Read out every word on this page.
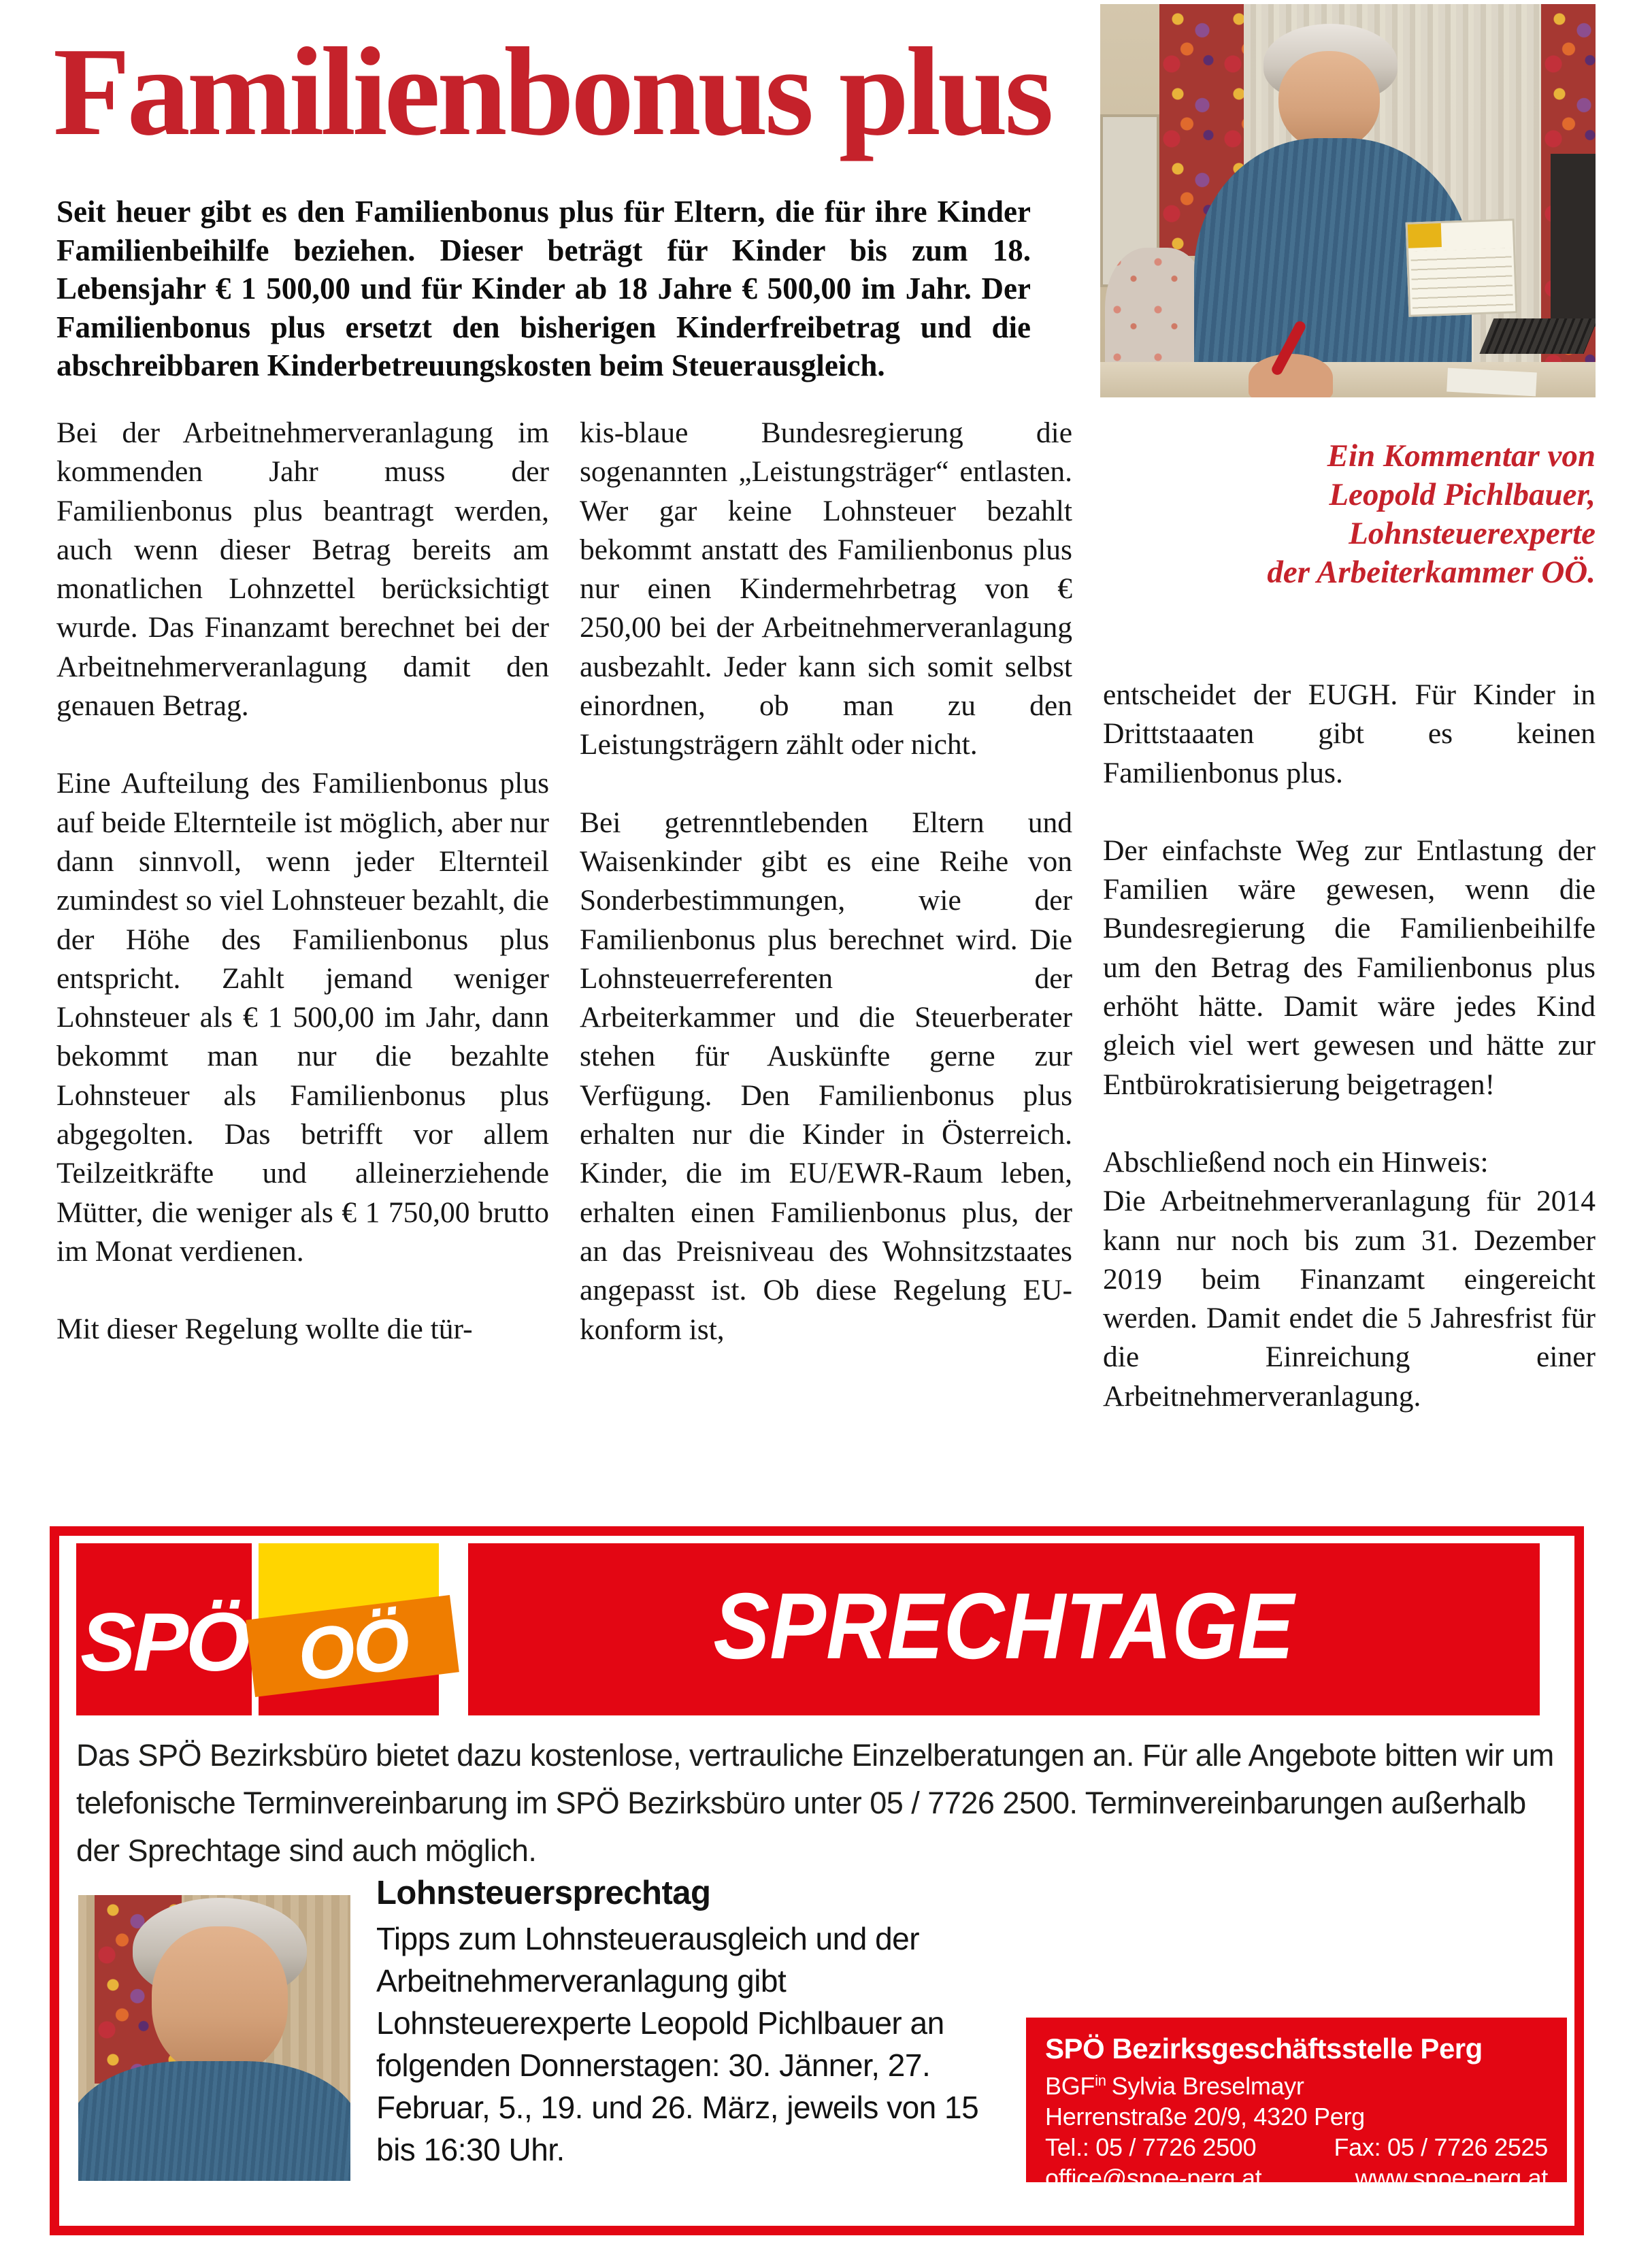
Familienbonus plus

Seit heuer gibt es den Familienbonus plus für Eltern, die für ihre Kinder Familienbeihilfe beziehen. Dieser beträgt für Kinder bis zum 18. Lebensjahr € 1 500,00 und für Kinder ab 18 Jahre € 500,00 im Jahr. Der Familienbonus plus ersetzt den bisherigen Kinderfreibetrag und die abschreibbaren Kinderbetreuungskosten beim Steuerausgleich.

Ein Kommentar von
Leopold Pichlbauer,
Lohnsteuerexperte
der Arbeiterkammer OÖ.

Bei der Arbeitnehmerveranlagung im kommenden Jahr muss der Familienbonus plus beantragt werden, auch wenn dieser Betrag bereits am monatlichen Lohnzettel berücksichtigt wurde. Das Finanzamt berechnet bei der Arbeitnehmerveranlagung damit den genauen Betrag.

Eine Aufteilung des Familienbonus plus auf beide Elternteile ist möglich, aber nur dann sinnvoll, wenn jeder Elternteil zumindest so viel Lohnsteuer bezahlt, die der Höhe des Familienbonus plus entspricht. Zahlt jemand weniger Lohnsteuer als € 1 500,00 im Jahr, dann bekommt man nur die bezahlte Lohnsteuer als Familienbonus plus abgegolten. Das betrifft vor allem Teilzeitkräfte und alleinerziehende Mütter, die weniger als € 1 750,00 brutto im Monat verdienen.

Mit dieser Regelung wollte die tür-

kis-blaue Bundesregierung die sogenannten „Leistungsträger“ entlasten. Wer gar keine Lohnsteuer bezahlt bekommt anstatt des Familienbonus plus nur einen Kindermehrbetrag von € 250,00 bei der Arbeitnehmerveranlagung ausbezahlt. Jeder kann sich somit selbst einordnen, ob man zu den Leistungsträgern zählt oder nicht.

Bei getrenntlebenden Eltern und Waisenkinder gibt es eine Reihe von Sonderbestimmungen, wie der Familienbonus plus berechnet wird. Die Lohnsteuerreferenten der Arbeiterkammer und die Steuerberater stehen für Auskünfte gerne zur Verfügung. Den Familienbonus plus erhalten nur die Kinder in Österreich. Kinder, die im EU/EWR-Raum leben, erhalten einen Familienbonus plus, der an das Preisniveau des Wohnsitzstaates angepasst ist. Ob diese Regelung EU-konform ist,

entscheidet der EUGH. Für Kinder in Drittstaaaten gibt es keinen Familienbonus plus.

Der einfachste Weg zur Entlastung der Familien wäre gewesen, wenn die Bundesregierung die Familienbeihilfe um den Betrag des Familienbonus plus erhöht hätte. Damit wäre jedes Kind gleich viel wert gewesen und hätte zur Entbürokratisierung beigetragen!

Abschließend noch ein Hinweis:

Die Arbeitnehmerveranlagung für 2014 kann nur noch bis zum 31. Dezember 2019 beim Finanzamt eingereicht werden. Damit endet die 5 Jahresfrist für die Einreichung einer Arbeitnehmerveranlagung.

SPÖ OÖ	SPRECHTAGE

Das SPÖ Bezirksbüro bietet dazu kostenlose, vertrauliche Einzelberatungen an. Für alle Angebote bitten wir um telefonische Terminvereinbarung im SPÖ Bezirksbüro unter 05 / 7726 2500. Terminvereinbarungen außerhalb der Sprechtage sind auch möglich.

Lohnsteuersprechtag
Tipps zum Lohnsteuerausgleich und der Arbeitnehmerveranlagung gibt Lohnsteuerexperte Leopold Pichlbauer an folgenden Donnerstagen: 30. Jänner, 27. Februar, 5., 19. und 26. März, jeweils von 15 bis 16:30 Uhr.
SPÖ Bezirksgeschäftsstelle Perg
$BGF^{in}$ Sylvia Breselmayr
Herrenstraße 20/9, 4320 Perg
Tel.: 05 / 7726 2500	Fax: 05 / 7726 2525
office@spoe-perg.at	www.spoe-perg.at
